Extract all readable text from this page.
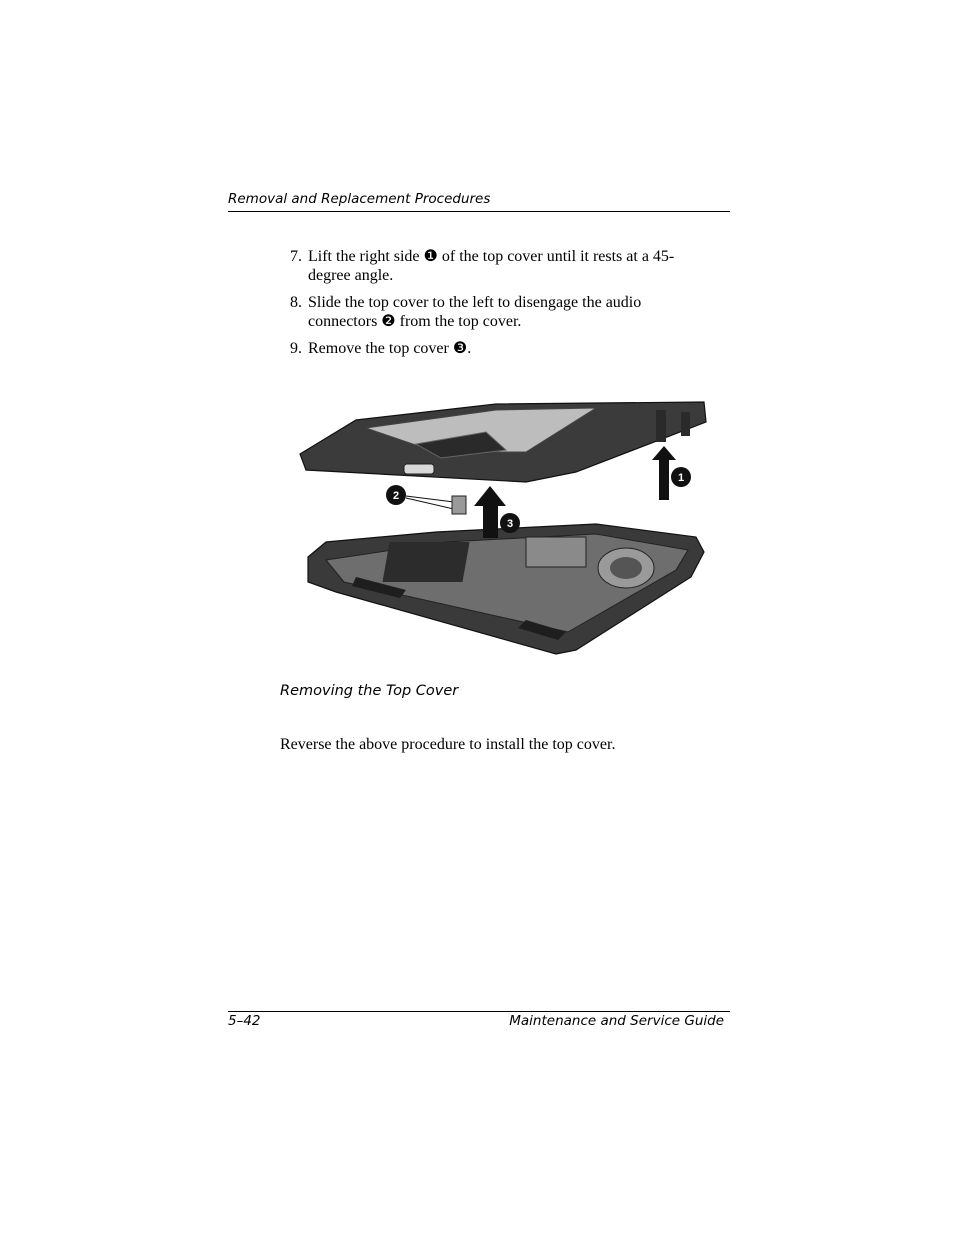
Removal and Replacement Procedures
7. Lift the right side ❶ of the top cover until it rests at a 45-degree angle.
8. Slide the top cover to the left to disengage the audio connectors ❷ from the top cover.
9. Remove the top cover ❸.
1
3
2
Removing the Top Cover
Reverse the above procedure to install the top cover.
5–42	Maintenance and Service Guide
